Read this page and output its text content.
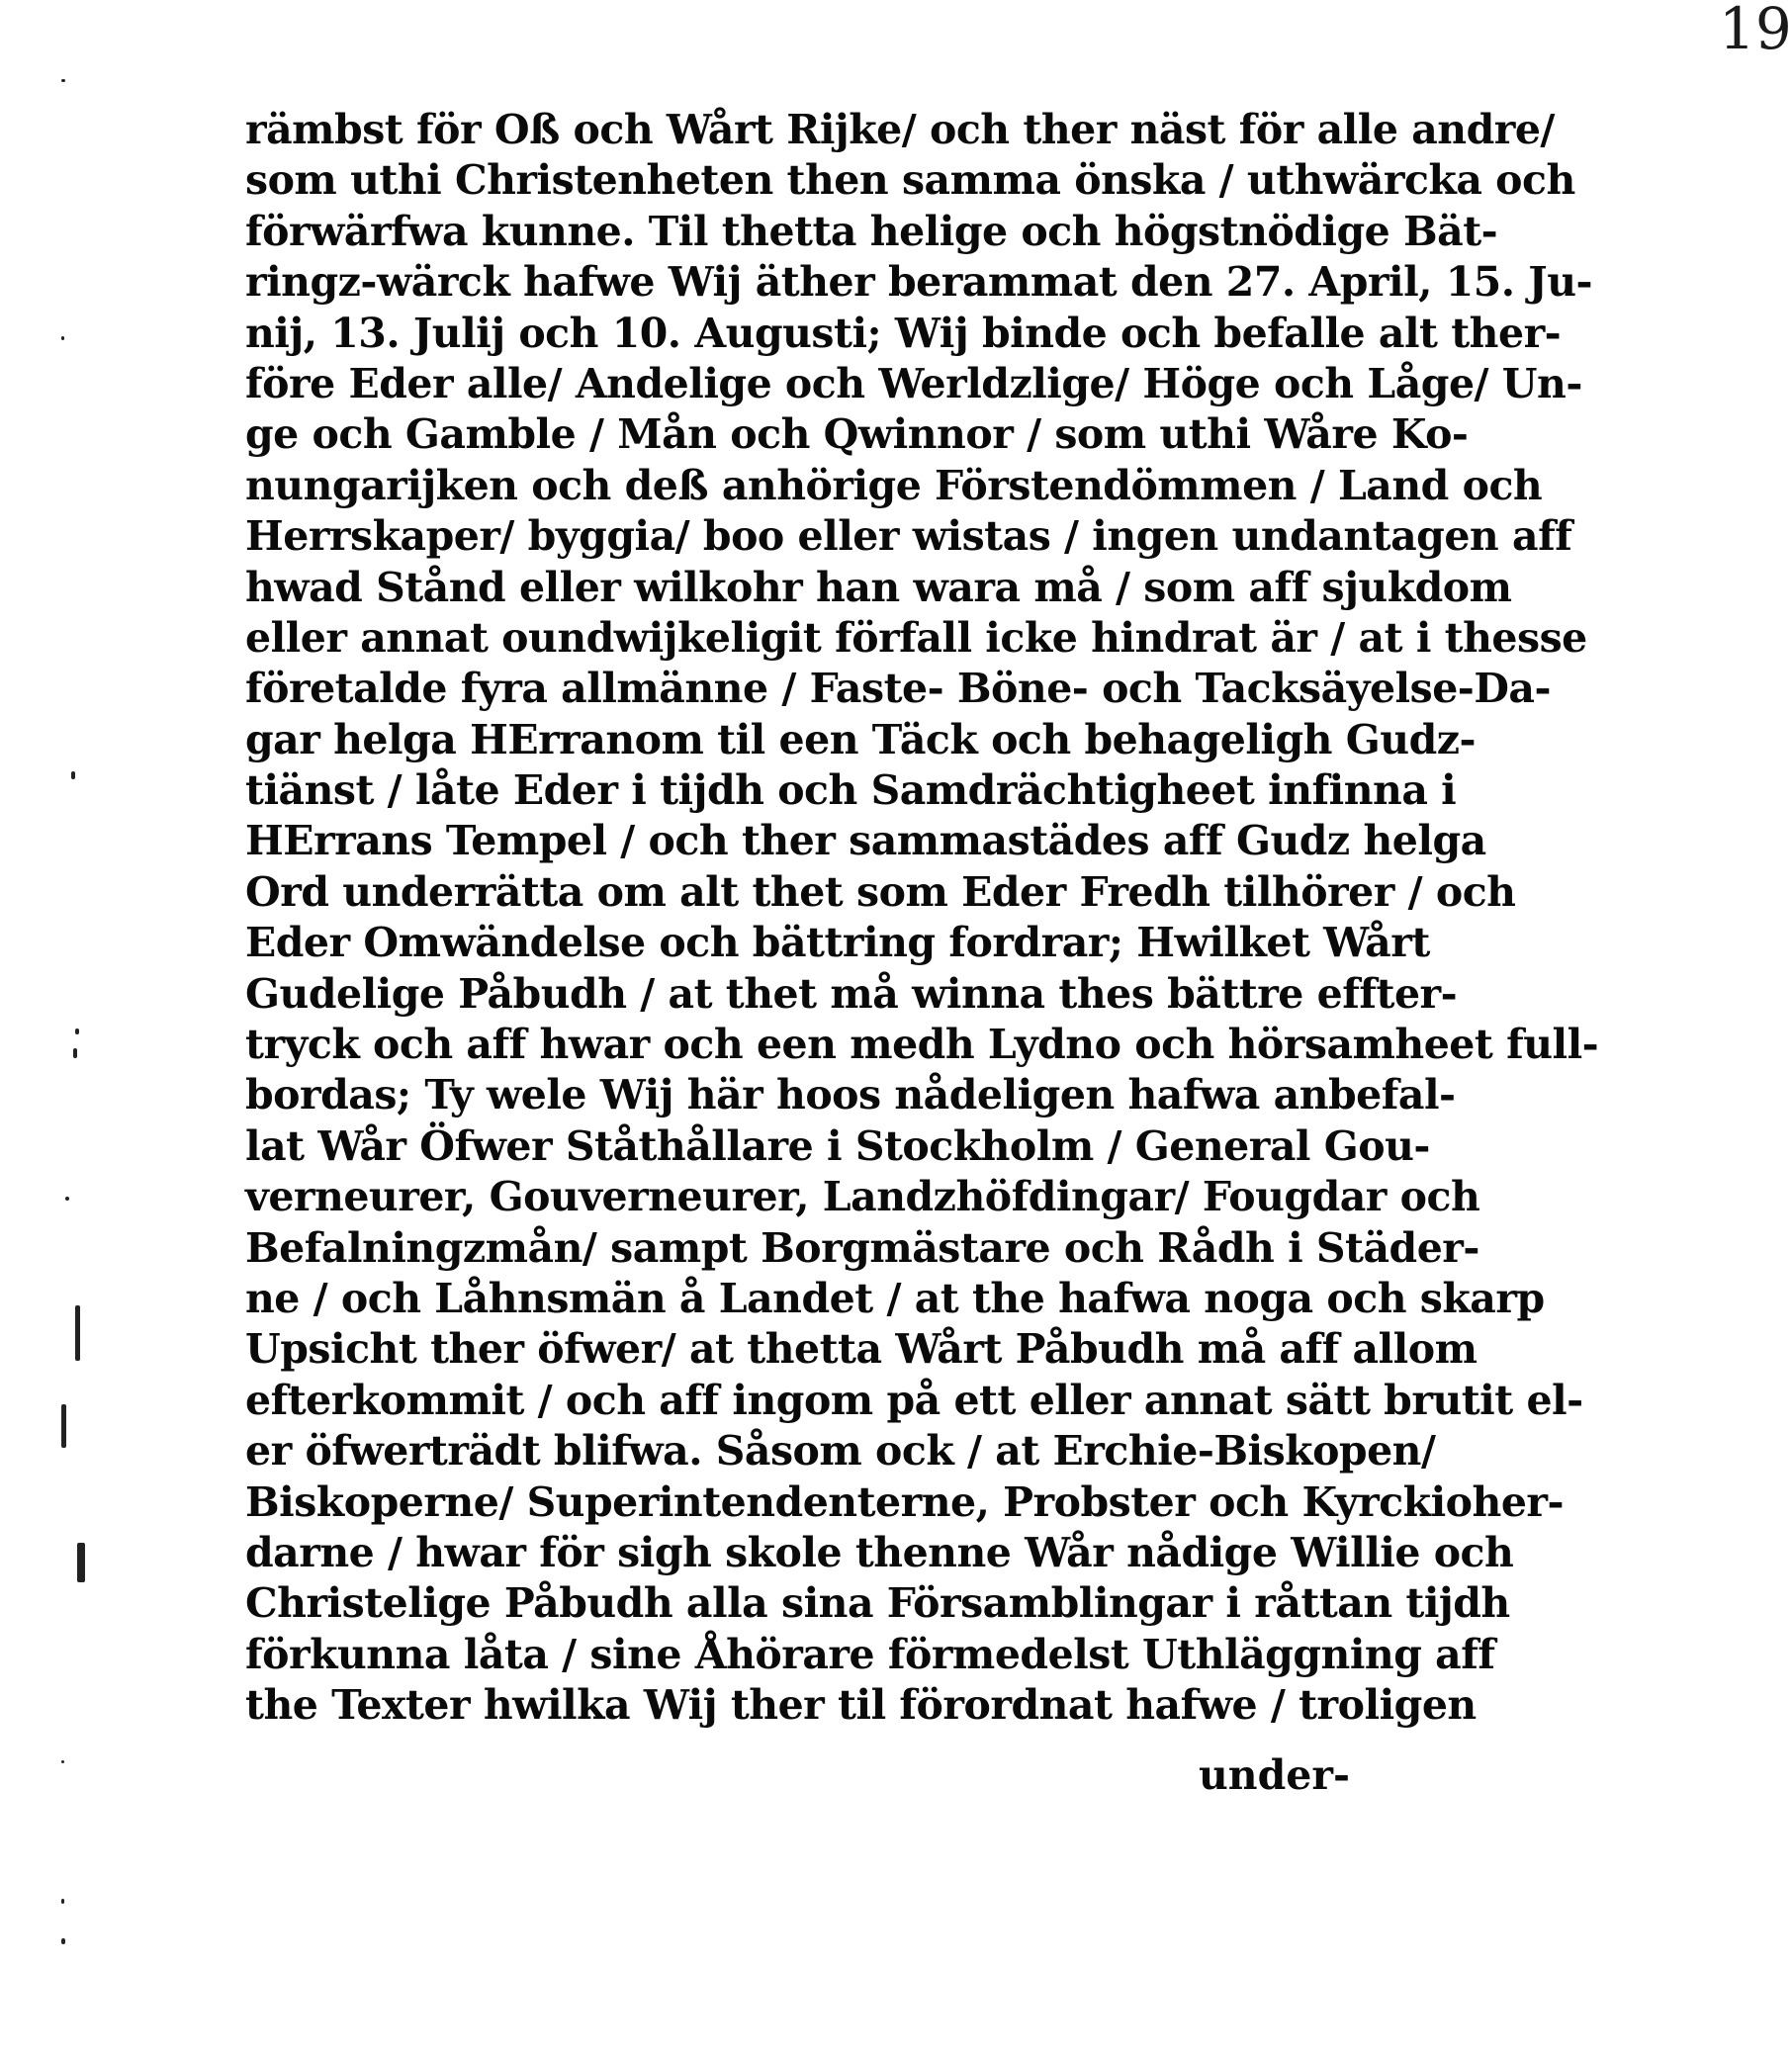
19
rämbst för Oß och Wårt Rijke/ och ther näst för alle andre/
som uthi Christenheten then samma önska / uthwärcka och
förwärfwa kunne. Til thetta helige och högstnödige Bät-
ringz-wärck hafwe Wij äther berammat den 27. April, 15. Ju-
nij, 13. Julij och 10. Augusti; Wij binde och befalle alt ther-
före Eder alle/ Andelige och Werldzlige/ Höge och Låge/ Un-
ge och Gamble / Mån och Qwinnor / som uthi Wåre Ko-
nungarijken och deß anhörige Förstendömmen / Land och
Herrskaper/ byggia/ boo eller wistas / ingen undantagen aff
hwad Stånd eller wilkohr han wara må / som aff sjukdom
eller annat oundwijkeligit förfall icke hindrat är / at i thesse
företalde fyra allmänne / Faste- Böne- och Tacksäyelse-Da-
gar helga HErranom til een Täck och behageligh Gudz-
tiänst / låte Eder i tijdh och Samdrächtigheet infinna i
HErrans Tempel / och ther sammastädes aff Gudz helga
Ord underrätta om alt thet som Eder Fredh tilhörer / och
Eder Omwändelse och bättring fordrar; Hwilket Wårt
Gudelige Påbudh / at thet må winna thes bättre effter-
tryck och aff hwar och een medh Lydno och hörsamheet full-
bordas; Ty wele Wij här hoos nådeligen hafwa anbefal-
lat Wår Öfwer Ståthållare i Stockholm / General Gou-
verneurer, Gouverneurer, Landzhöfdingar/ Fougdar och
Befalningzmån/ sampt Borgmästare och Rådh i Städer-
ne / och Låhnsmän å Landet / at the hafwa noga och skarp
Upsicht ther öfwer/ at thetta Wårt Påbudh må aff allom
efterkommit / och aff ingom på ett eller annat sätt brutit el-
er öfwerträdt blifwa. Såsom ock / at Erchie-Biskopen/
Biskoperne/ Superintendenterne, Probster och Kyrckioher-
darne / hwar för sigh skole thenne Wår nådige Willie och
Christelige Påbudh alla sina Församblingar i råttan tijdh
förkunna låta / sine Åhörare förmedelst Uthläggning aff
the Texter hwilka Wij ther til förordnat hafwe / troligen
under-
